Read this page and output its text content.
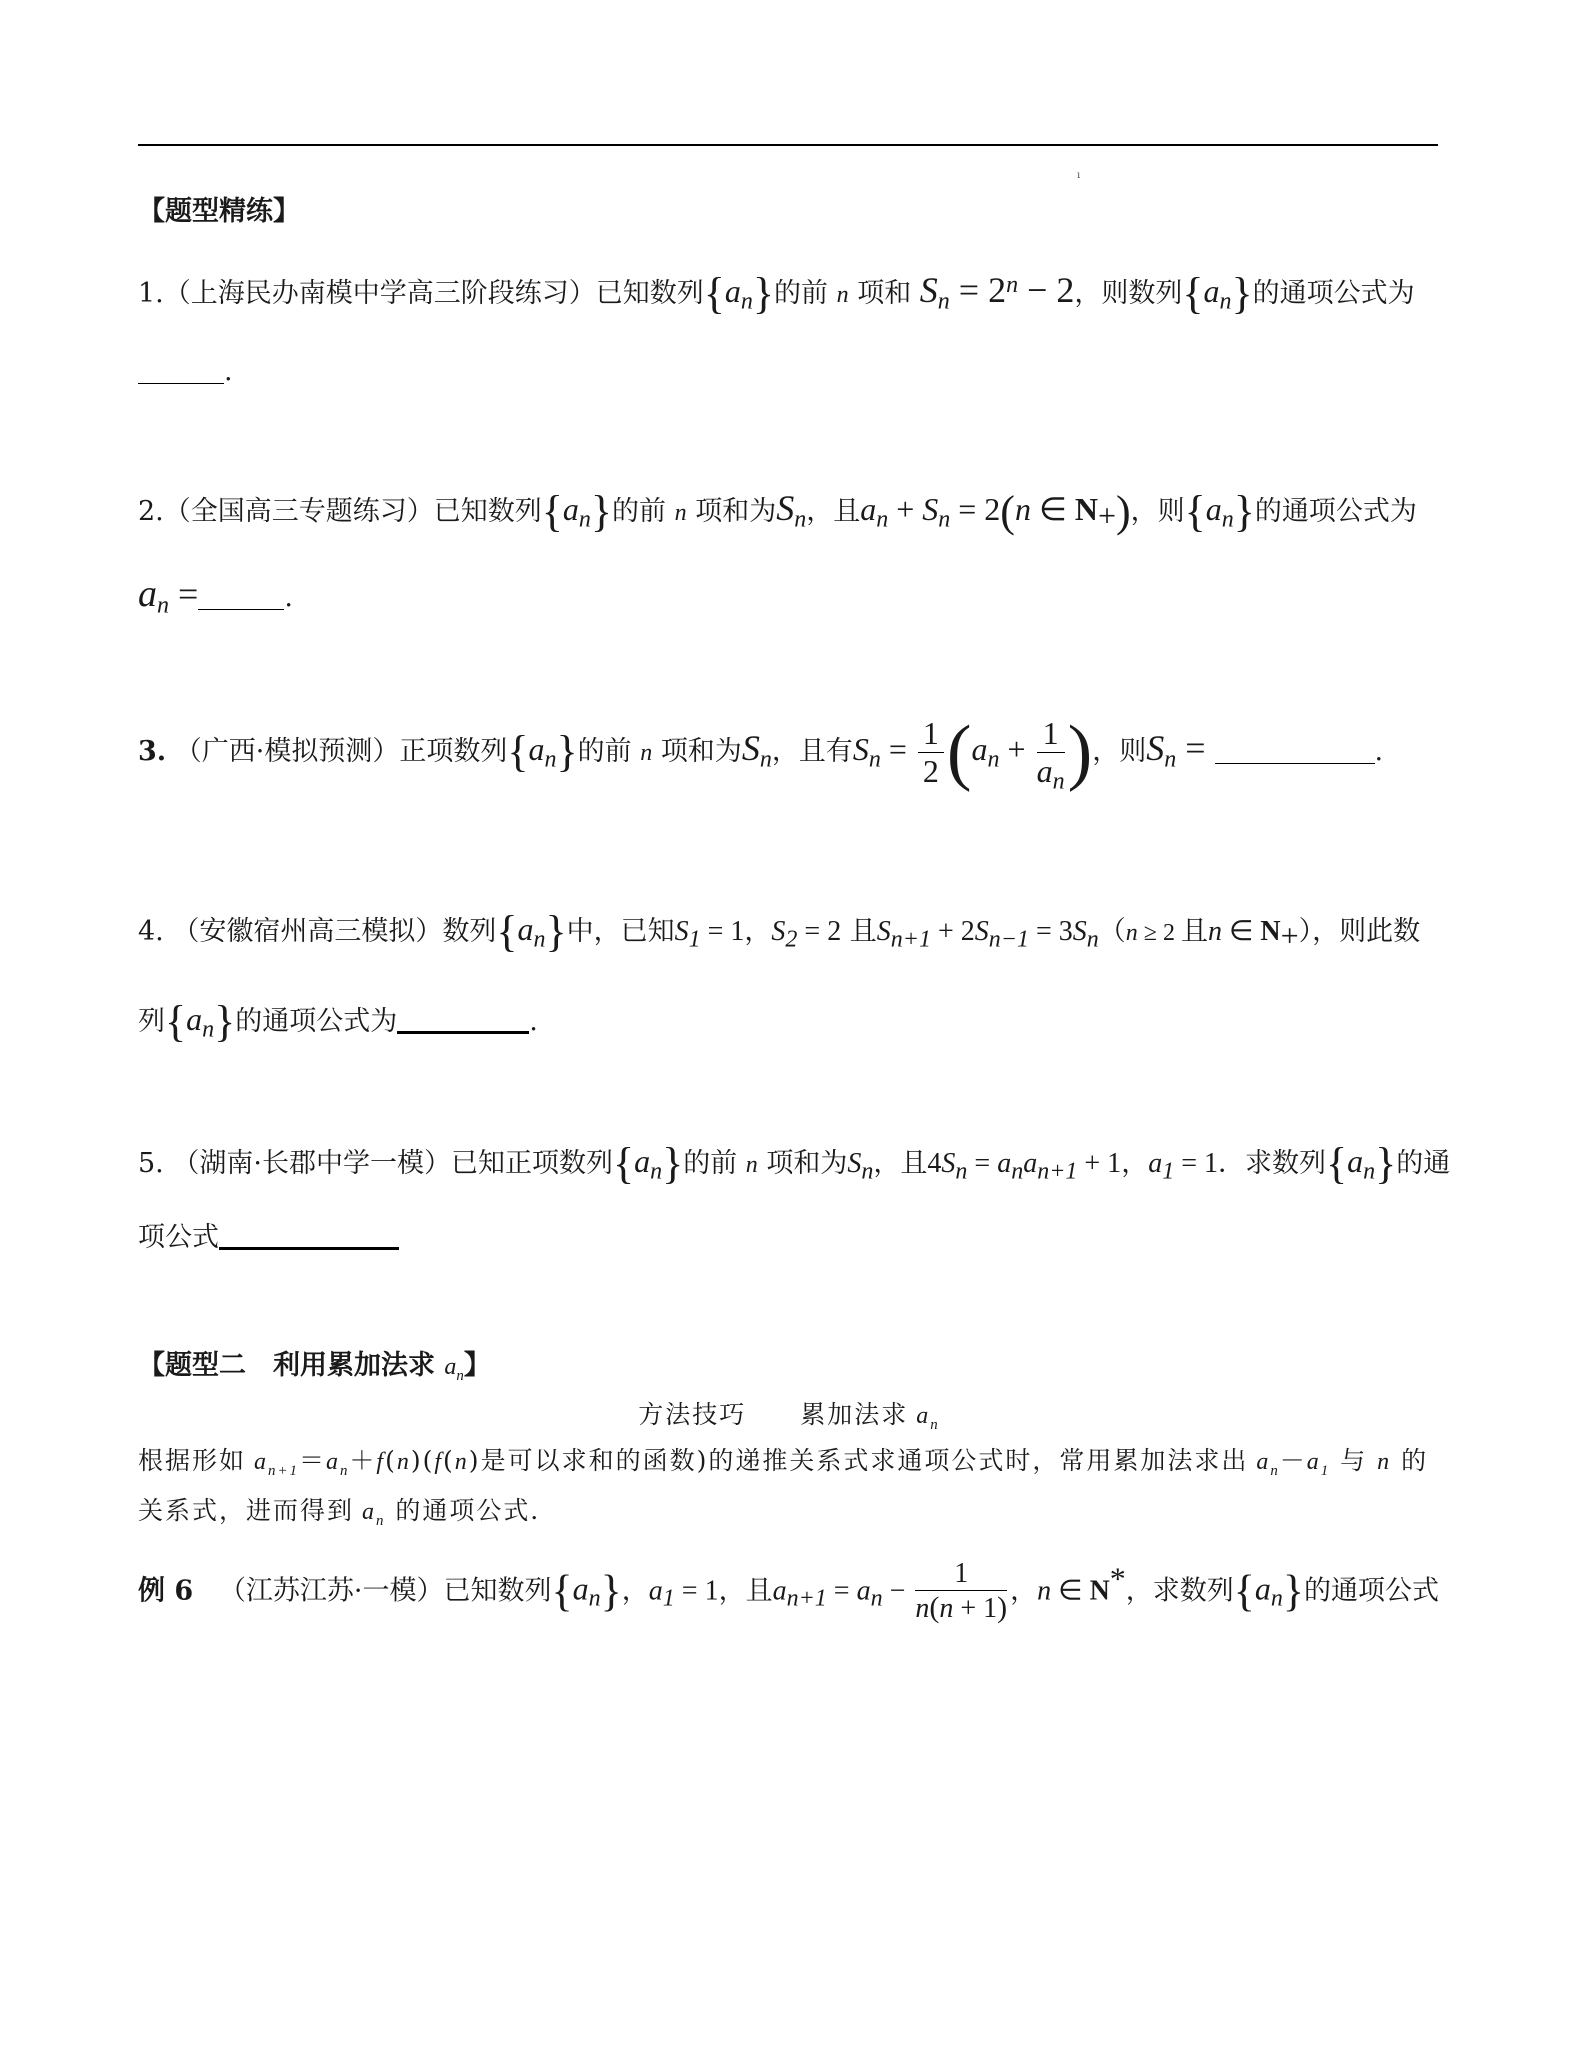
ı
【题型精练】
1.（上海民办南模中学高三阶段练习）已知数列$\{a_n\}$的前 n 项和 $S_n = 2^n - 2$，则数列$\{a_n\}$的通项公式为
.
2.（全国高三专题练习）已知数列$\{a_n\}$的前 n 项和为$S_n$，且$a_n + S_n = 2(n$ ∈ $N_+$)，则$\{a_n\}$的通项公式为
$a_n$ =	.
3. （广西·模拟预测）正项数列$\{a_n\}$的前 n 项和为$S_n$，且有$S_n = \frac{1}{2} (a_n + \frac{1}{a_n}$ )，则$S_n$ =	.
4. （安徽宿州高三模拟）数列$\{a_n\}$中，已知$S_1 = 1$，$S_2 = 2$ 且$S_{n+1} + 2S_{n-1} = 3S_n(n \ge 2$ 且n ∈ $N_+$），则此数
列$\{a_n\}$的通项公式为	.
5. （湖南·长郡中学一模）已知正项数列$\{a_n\}$的前 n 项和为$S_n$，且$4S_n = a_na_{n+1} + 1$，$a_1 = 1$．求数列$\{a_n\}$的通
项公式
【题型二　利用累加法求 $a_n$】
方法技巧　　累加法求 $a_n$
根据形如 $a_{n+1}=a_n+f(n)(f(n)$是可以求和的函数)的递推关系式求通项公式时，常用累加法求出 $a_n-a_1$ 与 n 的
关系式，进而得到 $a_n$ 的通项公式．
例 6 （江苏江苏·一模）已知数列$\{a_n\}$，$a_1 = 1$，且$a_{n+1} = a_n - \frac{1}{n(n + 1)}$ ，n ∈ N*，求数列$\{a_n\}$的通项公式
